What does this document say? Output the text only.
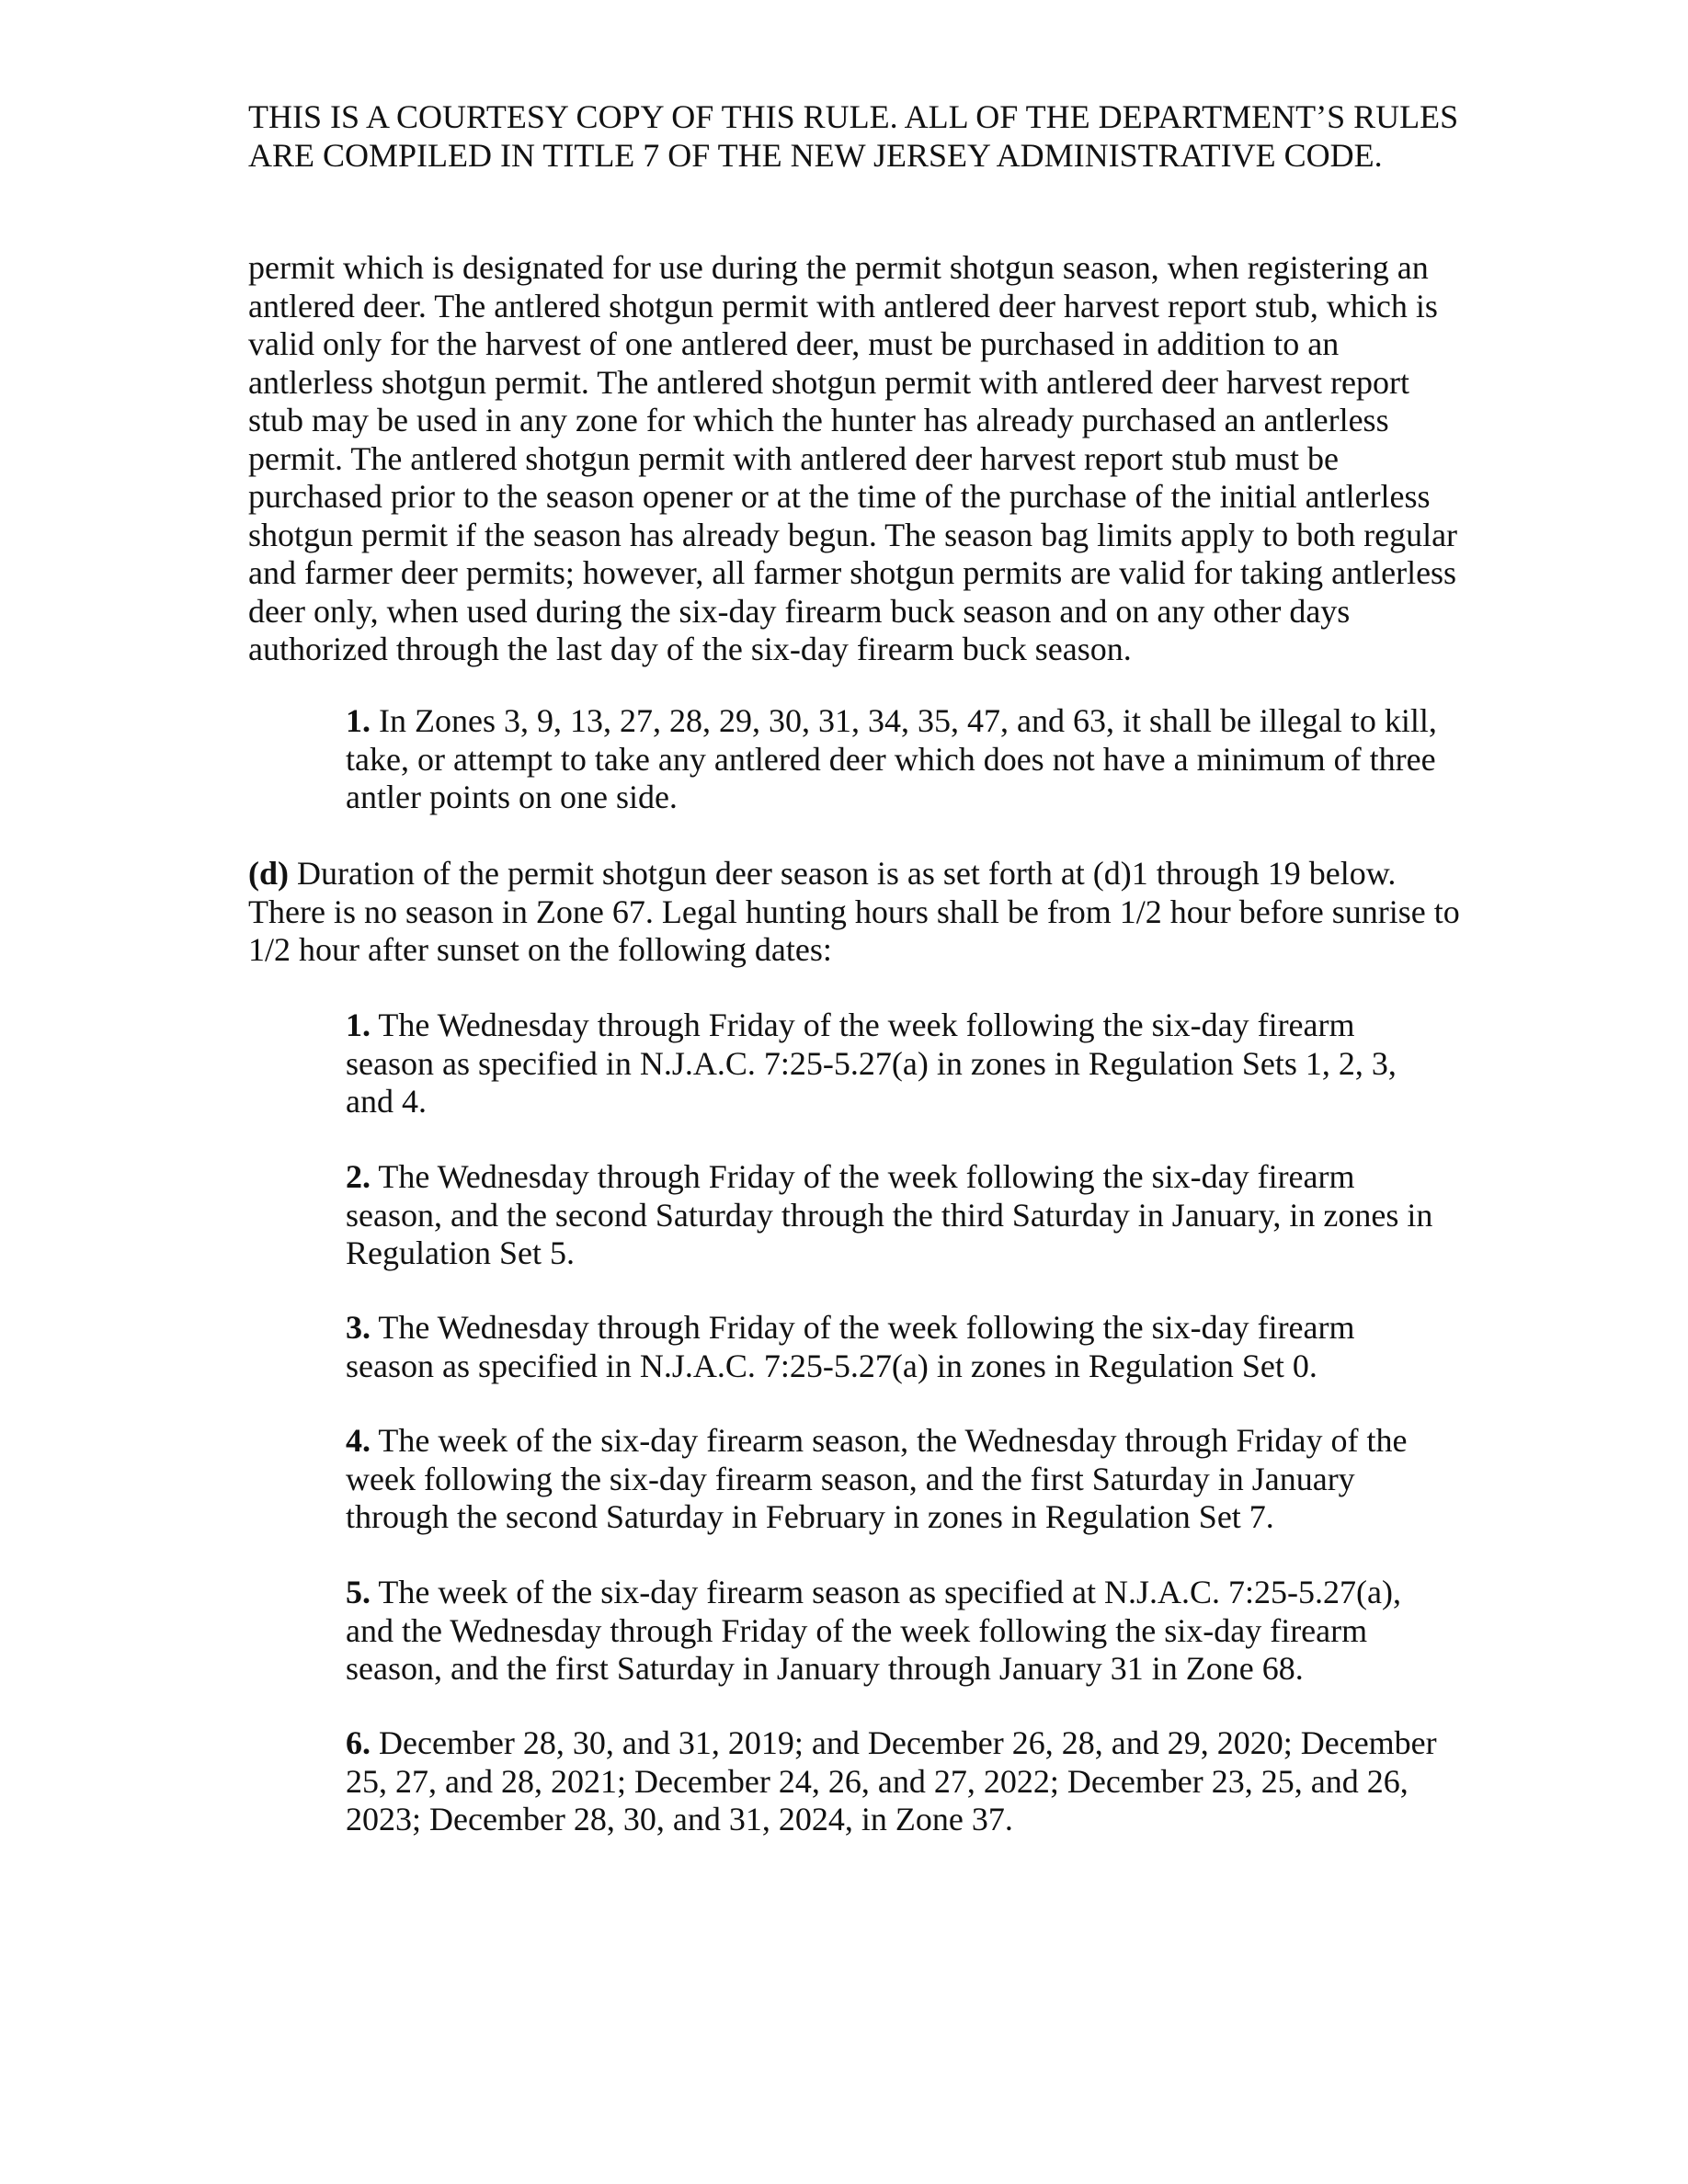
THIS IS A COURTESY COPY OF THIS RULE. ALL OF THE DEPARTMENT’S RULES ARE COMPILED IN TITLE 7 OF THE NEW JERSEY ADMINISTRATIVE CODE.

permit which is designated for use during the permit shotgun season, when registering an antlered deer. The antlered shotgun permit with antlered deer harvest report stub, which is valid only for the harvest of one antlered deer, must be purchased in addition to an antlerless shotgun permit. The antlered shotgun permit with antlered deer harvest report stub may be used in any zone for which the hunter has already purchased an antlerless permit. The antlered shotgun permit with antlered deer harvest report stub must be purchased prior to the season opener or at the time of the purchase of the initial antlerless shotgun permit if the season has already begun. The season bag limits apply to both regular and farmer deer permits; however, all farmer shotgun permits are valid for taking antlerless deer only, when used during the six-day firearm buck season and on any other days authorized through the last day of the six-day firearm buck season.

1. In Zones 3, 9, 13, 27, 28, 29, 30, 31, 34, 35, 47, and 63, it shall be illegal to kill, take, or attempt to take any antlered deer which does not have a minimum of three antler points on one side.

(d) Duration of the permit shotgun deer season is as set forth at (d)1 through 19 below. There is no season in Zone 67. Legal hunting hours shall be from 1/2 hour before sunrise to 1/2 hour after sunset on the following dates:

1. The Wednesday through Friday of the week following the six-day firearm season as specified in N.J.A.C. 7:25-5.27(a) in zones in Regulation Sets 1, 2, 3, and 4.

2. The Wednesday through Friday of the week following the six-day firearm season, and the second Saturday through the third Saturday in January, in zones in Regulation Set 5.

3. The Wednesday through Friday of the week following the six-day firearm season as specified in N.J.A.C. 7:25-5.27(a) in zones in Regulation Set 0.

4. The week of the six-day firearm season, the Wednesday through Friday of the week following the six-day firearm season, and the first Saturday in January through the second Saturday in February in zones in Regulation Set 7.

5. The week of the six-day firearm season as specified at N.J.A.C. 7:25-5.27(a), and the Wednesday through Friday of the week following the six-day firearm season, and the first Saturday in January through January 31 in Zone 68.

6. December 28, 30, and 31, 2019; and December 26, 28, and 29, 2020; December 25, 27, and 28, 2021; December 24, 26, and 27, 2022; December 23, 25, and 26, 2023; December 28, 30, and 31, 2024, in Zone 37.
